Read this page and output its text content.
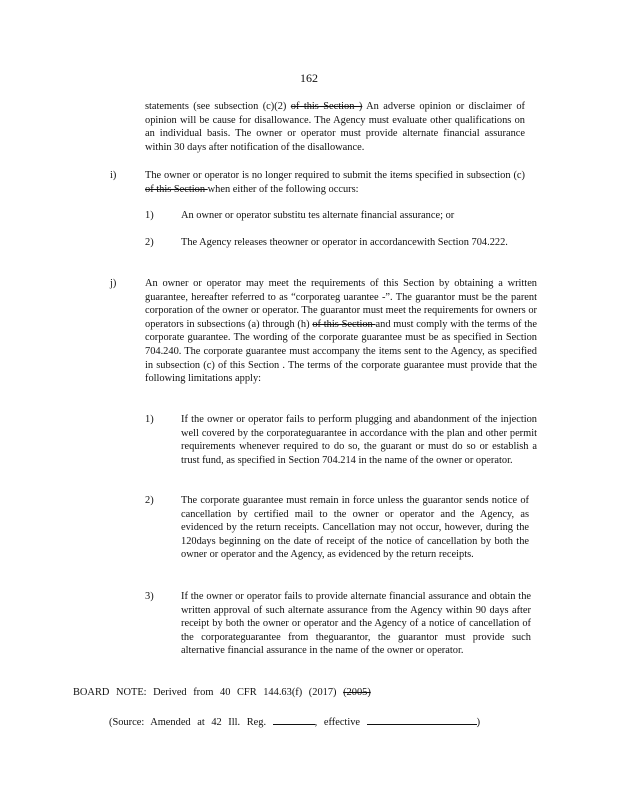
162
statements (see subsection (c)(2) of this Section ) An adverse opinion or disclaimer of opinion will be cause for disallowance. The Agency must evaluate other qualifications on an individual basis. The owner or operator must provide alternate financial assurance within 30 days after notification of the disallowance.
i)	The owner or operator is no longer required to submit the items specified in subsection (c) of this Section when either of the following occurs:
1)	An owner or operator substitu tes alternate financial assurance; or
2)	The Agency releases theowner or operator in accordancewith Section 704.222.
j)	An owner or operator may meet the requirements of this Section by obtaining a written guarantee, hereafter referred to as “corporateg uarantee -”. The guarantor must be the parent corporation of the owner or operator. The guarantor must meet the requirements for owners or operators in subsections (a) through (h) of this Section and must comply with the terms of the corporate guarantee. The wording of the corporate guarantee must be as specified in Section 704.240. The corporate guarantee must accompany the items sent to the Agency, as specified in subsection (c) of this Section . The terms of the corporate guarantee must provide that the following limitations apply:
1)	If the owner or operator fails to perform plugging and abandonment of the injection well covered by the corporateguarantee in accordance with the plan and other permit requirements whenever required to do so, the guarant or must do so or establish a trust fund, as specified in Section 704.214 in the name of the owner or operator.
2)	The corporate guarantee must remain in force unless the guarantor sends notice of cancellation by certified mail to the owner or operator and the Agency, as evidenced by the return receipts. Cancellation may not occur, however, during the 120days beginning on the date of receipt of the notice of cancellation by both the owner or operator and the Agency, as evidenced by the return receipts.
3)	If the owner or operator fails to provide alternate financial assurance and obtain the written approval of such alternate assurance from the Agency within 90 days after receipt by both the owner or operator and the Agency of a notice of cancellation of the corporateguarantee from theguarantor, the guarantor must provide such alternative financial assurance in the name of the owner or operator.
BOARD NOTE: Derived from 40 CFR 144.63(f) (2017) (2005)
(Source: Amended at 42 Ill. Reg.	, effective	)
